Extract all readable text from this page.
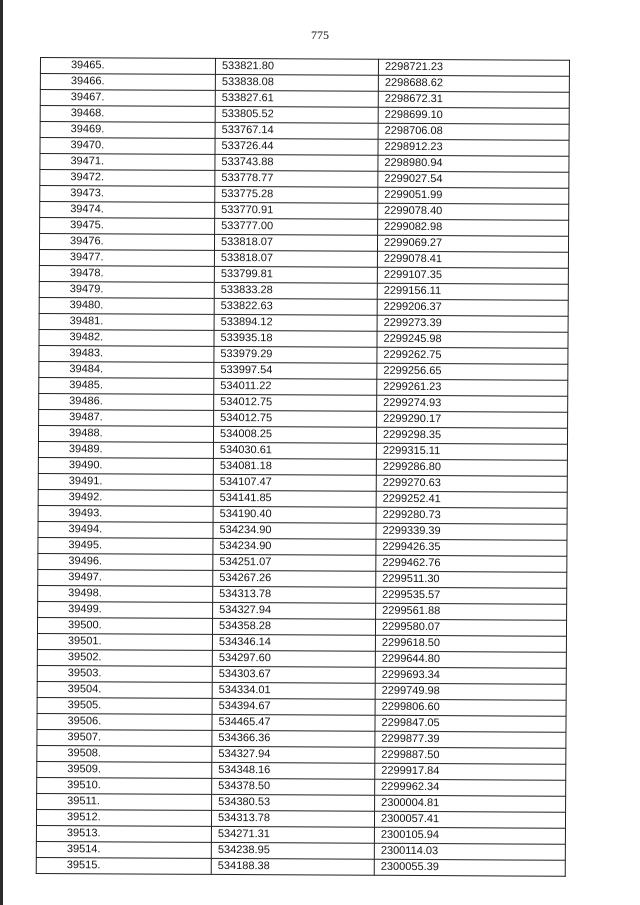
775
39465.	533821.80	2298721.23
39466.	533838.08	2298688.62
39467.	533827.61	2298672.31
39468.	533805.52	2298699.10
39469.	533767.14	2298706.08
39470.	533726.44	2298912.23
39471.	533743.88	2298980.94
39472.	533778.77	2299027.54
39473.	533775.28	2299051.99
39474.	533770.91	2299078.40
39475.	533777.00	2299082.98
39476.	533818.07	2299069.27
39477.	533818.07	2299078.41
39478.	533799.81	2299107.35
39479.	533833.28	2299156.11
39480.	533822.63	2299206.37
39481.	533894.12	2299273.39
39482.	533935.18	2299245.98
39483.	533979.29	2299262.75
39484.	533997.54	2299256.65
39485.	534011.22	2299261.23
39486.	534012.75	2299274.93
39487.	534012.75	2299290.17
39488.	534008.25	2299298.35
39489.	534030.61	2299315.11
39490.	534081.18	2299286.80
39491.	534107.47	2299270.63
39492.	534141.85	2299252.41
39493.	534190.40	2299280.73
39494.	534234.90	2299339.39
39495.	534234.90	2299426.35
39496.	534251.07	2299462.76
39497.	534267.26	2299511.30
39498.	534313.78	2299535.57
39499.	534327.94	2299561.88
39500.	534358.28	2299580.07
39501.	534346.14	2299618.50
39502.	534297.60	2299644.80
39503.	534303.67	2299693.34
39504.	534334.01	2299749.98
39505.	534394.67	2299806.60
39506.	534465.47	2299847.05
39507.	534366.36	2299877.39
39508.	534327.94	2299887.50
39509.	534348.16	2299917.84
39510.	534378.50	2299962.34
39511.	534380.53	2300004.81
39512.	534313.78	2300057.41
39513.	534271.31	2300105.94
39514.	534238.95	2300114.03
39515.	534188.38	2300055.39
